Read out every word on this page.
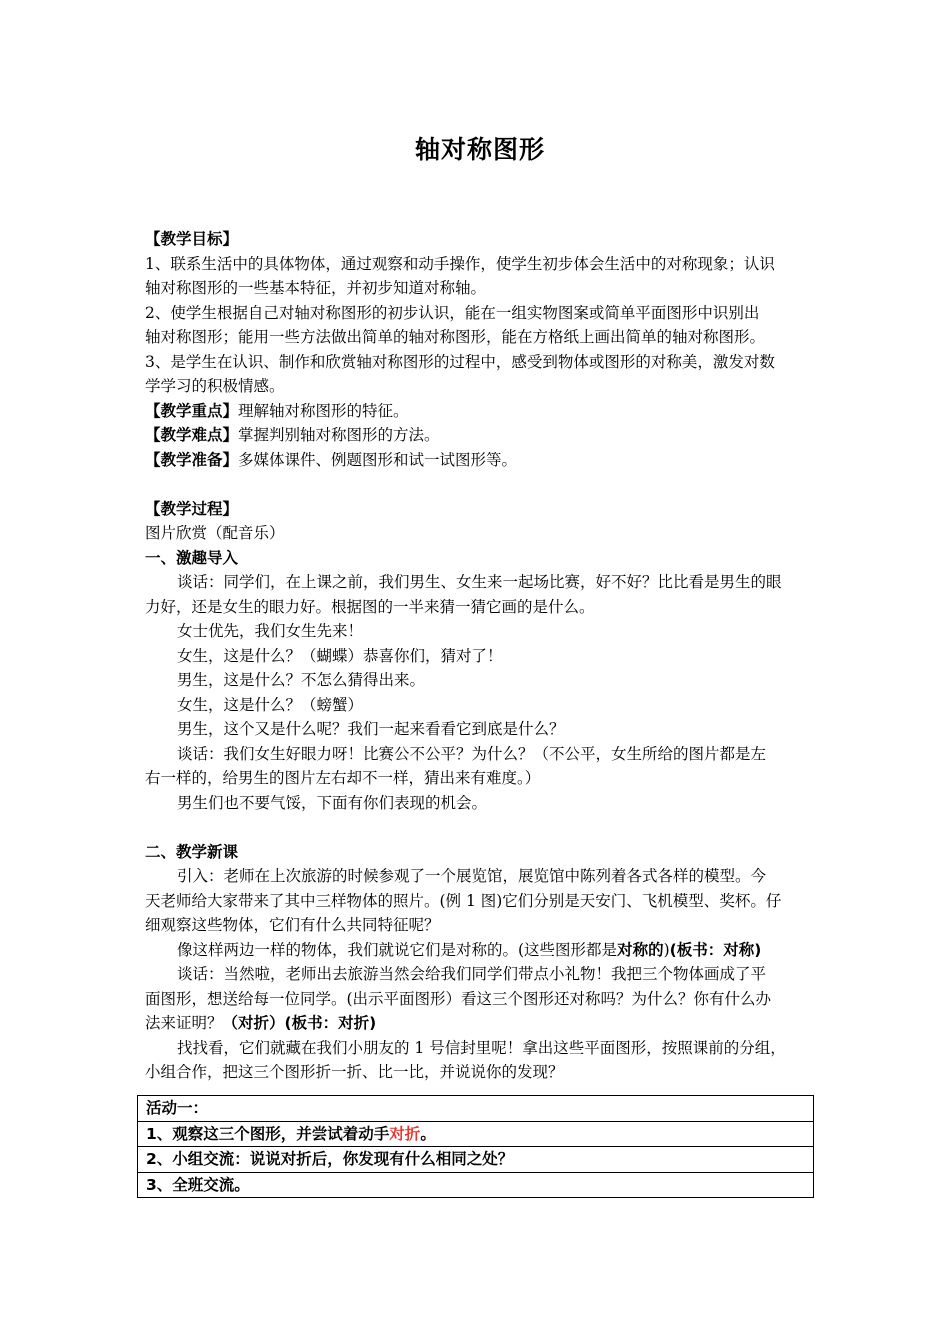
轴对称图形
【教学目标】
1、联系生活中的具体物体，通过观察和动手操作，使学生初步体会生活中的对称现象；认识
轴对称图形的一些基本特征，并初步知道对称轴。
2、使学生根据自己对轴对称图形的初步认识，能在一组实物图案或简单平面图形中识别出
轴对称图形；能用一些方法做出简单的轴对称图形，能在方格纸上画出简单的轴对称图形。
3、是学生在认识、制作和欣赏轴对称图形的过程中，感受到物体或图形的对称美，激发对数
学学习的积极情感。
【教学重点】理解轴对称图形的特征。
【教学难点】掌握判别轴对称图形的方法。
【教学准备】多媒体课件、例题图形和试一试图形等。
【教学过程】
图片欣赏（配音乐）
一、激趣导入
谈话：同学们，在上课之前，我们男生、女生来一起场比赛，好不好？比比看是男生的眼
力好，还是女生的眼力好。根据图的一半来猜一猜它画的是什么。
女士优先，我们女生先来！
女生，这是什么？（蝴蝶）恭喜你们，猜对了！
男生，这是什么？不怎么猜得出来。
女生，这是什么？（螃蟹）
男生，这个又是什么呢？我们一起来看看它到底是什么？
谈话：我们女生好眼力呀！比赛公不公平？为什么？（不公平，女生所给的图片都是左
右一样的，给男生的图片左右却不一样，猜出来有难度。）
男生们也不要气馁，下面有你们表现的机会。
二、教学新课
引入：老师在上次旅游的时候参观了一个展览馆，展览馆中陈列着各式各样的模型。今
天老师给大家带来了其中三样物体的照片。(例 1 图)它们分别是天安门、飞机模型、奖杯。仔
细观察这些物体，它们有什么共同特征呢？
像这样两边一样的物体，我们就说它们是对称的。(这些图形都是对称的)(板书：对称)
谈话：当然啦，老师出去旅游当然会给我们同学们带点小礼物！我把三个物体画成了平
面图形，想送给每一位同学。(出示平面图形）看这三个图形还对称吗？为什么？你有什么办
法来证明？（对折）(板书：对折)
找找看，它们就藏在我们小朋友的 1 号信封里呢！拿出这些平面图形，按照课前的分组，
小组合作，把这三个图形折一折、比一比，并说说你的发现？
活动一：
1、观察这三个图形，并尝试着动手对折。
2、小组交流：说说对折后，你发现有什么相同之处？
3、全班交流。
